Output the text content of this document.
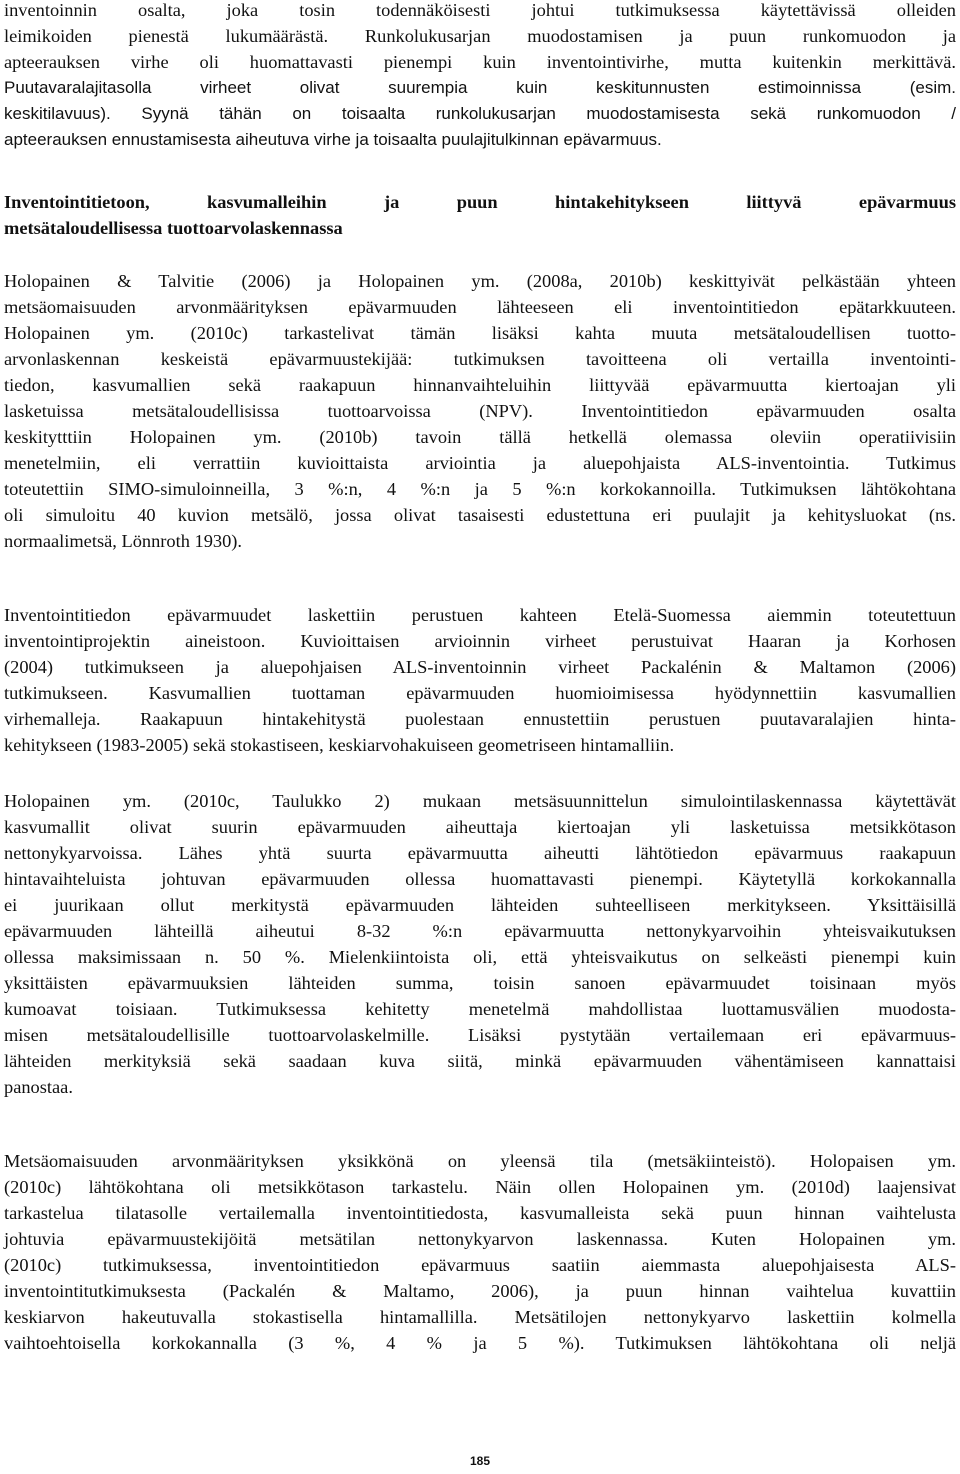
inventoinnin osalta, joka tosin todennäköisesti johtui tutkimuksessa käytettävissä olleiden
leimikoiden pienestä lukumäärästä. Runkolukusarjan muodostamisen ja puun runkomuodon ja
apteerauksen virhe oli huomattavasti pienempi kuin inventointivirhe, mutta kuitenkin merkittävä.
Puutavaralajitasolla virheet olivat suurempia kuin keskitunnusten estimoinnissa (esim.
keskitilavuus). Syynä tähän on toisaalta runkolukusarjan muodostamisesta sekä runkomuodon /
apteerauksen ennustamisesta aiheutuva virhe ja toisaalta puulajitulkinnan epävarmuus.
Inventointitietoon, kasvumalleihin ja puun hintakehitykseen liittyvä epävarmuus
metsätaloudellisessa tuottoarvolaskennassa
Holopainen & Talvitie (2006) ja Holopainen ym. (2008a, 2010b) keskittyivät pelkästään yhteen
metsäomaisuuden arvonmäärityksen epävarmuuden lähteeseen eli inventointitiedon epätarkkuuteen.
Holopainen ym. (2010c) tarkastelivat tämän lisäksi kahta muuta metsätaloudellisen tuotto-
arvonlaskennan keskeistä epävarmuustekijää: tutkimuksen tavoitteena oli vertailla inventointi-
tiedon, kasvumallien sekä raakapuun hinnanvaihteluihin liittyvää epävarmuutta kiertoajan yli
lasketuissa metsätaloudellisissa tuottoarvoissa (NPV). Inventointitiedon epävarmuuden osalta
keskitytttiin Holopainen ym. (2010b) tavoin tällä hetkellä olemassa oleviin operatiivisiin
menetelmiin, eli verrattiin kuvioittaista arviointia ja aluepohjaista ALS-inventointia. Tutkimus
toteutettiin SIMO-simuloinneilla, 3 %:n, 4 %:n ja 5 %:n korkokannoilla. Tutkimuksen lähtökohtana
oli simuloitu 40 kuvion metsälö, jossa olivat tasaisesti edustettuna eri puulajit ja kehitysluokat (ns.
normaalimetsä, Lönnroth 1930).
Inventointitiedon epävarmuudet laskettiin perustuen kahteen Etelä-Suomessa aiemmin toteutettuun
inventointiprojektin aineistoon. Kuvioittaisen arvioinnin virheet perustuivat Haaran ja Korhosen
(2004) tutkimukseen ja aluepohjaisen ALS-inventoinnin virheet Packalénin & Maltamon (2006)
tutkimukseen. Kasvumallien tuottaman epävarmuuden huomioimisessa hyödynnettiin kasvumallien
virhemalleja. Raakapuun hintakehitystä puolestaan ennustettiin perustuen puutavaralajien hinta-
kehitykseen (1983-2005) sekä stokastiseen, keskiarvohakuiseen geometriseen hintamalliin.
Holopainen ym. (2010c, Taulukko 2) mukaan metsäsuunnittelun simulointilaskennassa käytettävät
kasvumallit olivat suurin epävarmuuden aiheuttaja kiertoajan yli lasketuissa metsikkötason
nettonykyarvoissa. Lähes yhtä suurta epävarmuutta aiheutti lähtötiedon epävarmuus raakapuun
hintavaihteluista johtuvan epävarmuuden ollessa huomattavasti pienempi. Käytetyllä korkokannalla
ei juurikaan ollut merkitystä epävarmuuden lähteiden suhteelliseen merkitykseen. Yksittäisillä
epävarmuuden lähteillä aiheutui 8-32 %:n epävarmuutta nettonykyarvoihin yhteisvaikutuksen
ollessa maksimissaan n. 50 %. Mielenkiintoista oli, että yhteisvaikutus on selkeästi pienempi kuin
yksittäisten epävarmuuksien lähteiden summa, toisin sanoen epävarmuudet toisinaan myös
kumoavat toisiaan. Tutkimuksessa kehitetty menetelmä mahdollistaa luottamusvälien muodosta-
misen metsätaloudellisille tuottoarvolaskelmille. Lisäksi pystytään vertailemaan eri epävarmuus-
lähteiden merkityksiä sekä saadaan kuva siitä, minkä epävarmuuden vähentämiseen kannattaisi
panostaa.
Metsäomaisuuden arvonmäärityksen yksikkönä on yleensä tila (metsäkiinteistö). Holopaisen ym.
(2010c) lähtökohtana oli metsikkötason tarkastelu. Näin ollen Holopainen ym. (2010d) laajensivat
tarkastelua tilatasolle vertailemalla inventointitiedosta, kasvumalleista sekä puun hinnan vaihtelusta
johtuvia epävarmuustekijöitä metsätilan nettonykyarvon laskennassa. Kuten Holopainen ym.
(2010c) tutkimuksessa, inventointitiedon epävarmuus saatiin aiemmasta aluepohjaisesta ALS-
inventointitutkimuksesta (Packalén & Maltamo, 2006), ja puun hinnan vaihtelua kuvattiin
keskiarvon hakeutuvalla stokastisella hintamallilla. Metsätilojen nettonykyarvo laskettiin kolmella
vaihtoehtoisella korkokannalla (3 %, 4 % ja 5 %). Tutkimuksen lähtökohtana oli neljä
185
